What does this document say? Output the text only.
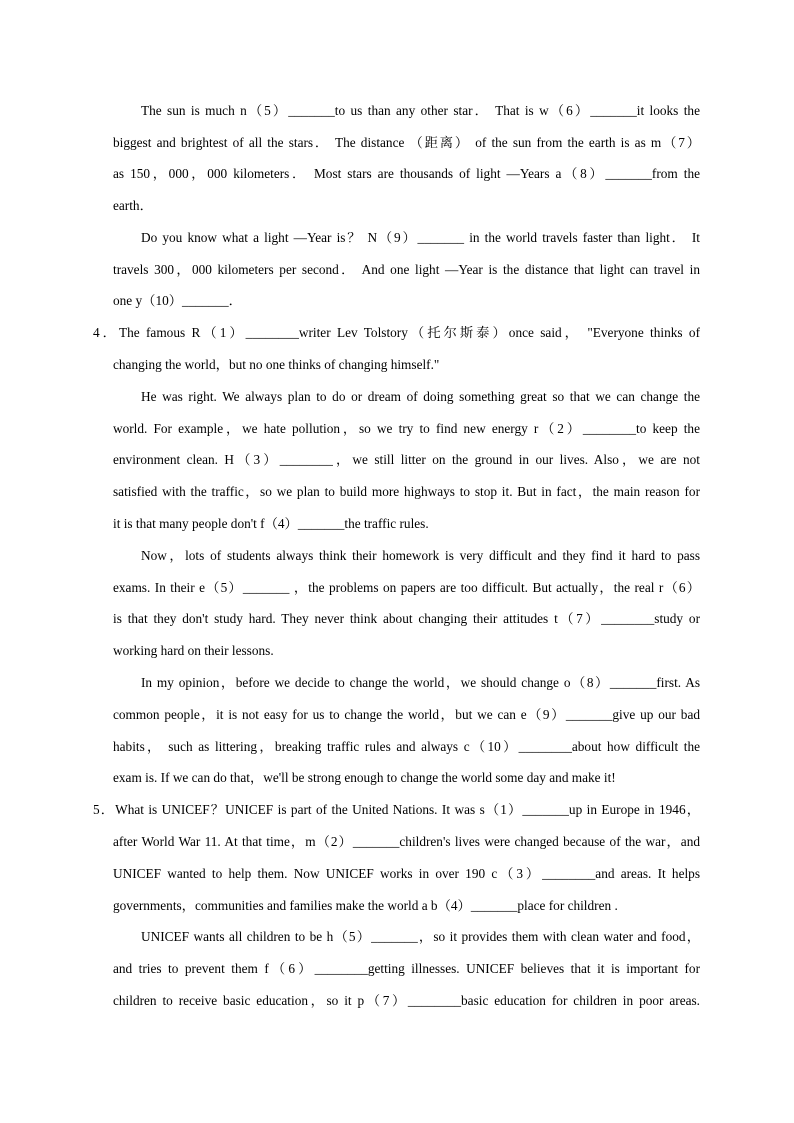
The sun is much n（5）_______to us than any other star． That is w（6）_______it looks the
biggest and brightest of all the stars． The distance （距离） of the sun from the earth is as m（7）
as 150，000，000 kilometers． Most stars are thousands of light —Years a（8）_______from the
earth．
Do you know what a light —Year is？ N（9）_______ in the world travels faster than light． It
travels 300，000 kilometers per second． And one light —Year is the distance that light can travel in
one y（10）_______．
4．The famous R（1）________writer Lev Tolstory（托尔斯泰）once said， "Everyone thinks of
changing the world，but no one thinks of changing himself."
He was right. We always plan to do or dream of doing something great so that we can change the
world. For example，we hate pollution，so we try to find new energy r（2）________to keep the
environment clean. H（3）________，we still litter on the ground in our lives. Also，we are not
satisfied with the traffic，so we plan to build more highways to stop it. But in fact，the main reason for
it is that many people don't f（4）_______the traffic rules.
Now，lots of students always think their homework is very difficult and they find it hard to pass
exams. In their e（5）_______ ，the problems on papers are too difficult. But actually，the real r（6）
is that they don't study hard. They never think about changing their attitudes t（7）________study or
working hard on their lessons.
In my opinion，before we decide to change the world，we should change o（8）_______first. As
common people，it is not easy for us to change the world，but we can e（9）_______give up our bad
habits， such as littering，breaking traffic rules and always c（10）________about how difficult the
exam is. If we can do that，we'll be strong enough to change the world some day and make it!
5．What is UNICEF？UNICEF is part of the United Nations. It was s（1）_______up in Europe in 1946，
after World War 11. At that time，m（2）_______children's lives were changed because of the war，and
UNICEF wanted to help them. Now UNICEF works in over 190 c（3）________and areas. It helps
governments，communities and families make the world a b（4）_______place for children .
UNICEF wants all children to be h（5）_______，so it provides them with clean water and food，
and tries to prevent them f（6）________getting illnesses. UNICEF believes that it is important for
children to receive basic education，so it p（7）________basic education for children in poor areas.
